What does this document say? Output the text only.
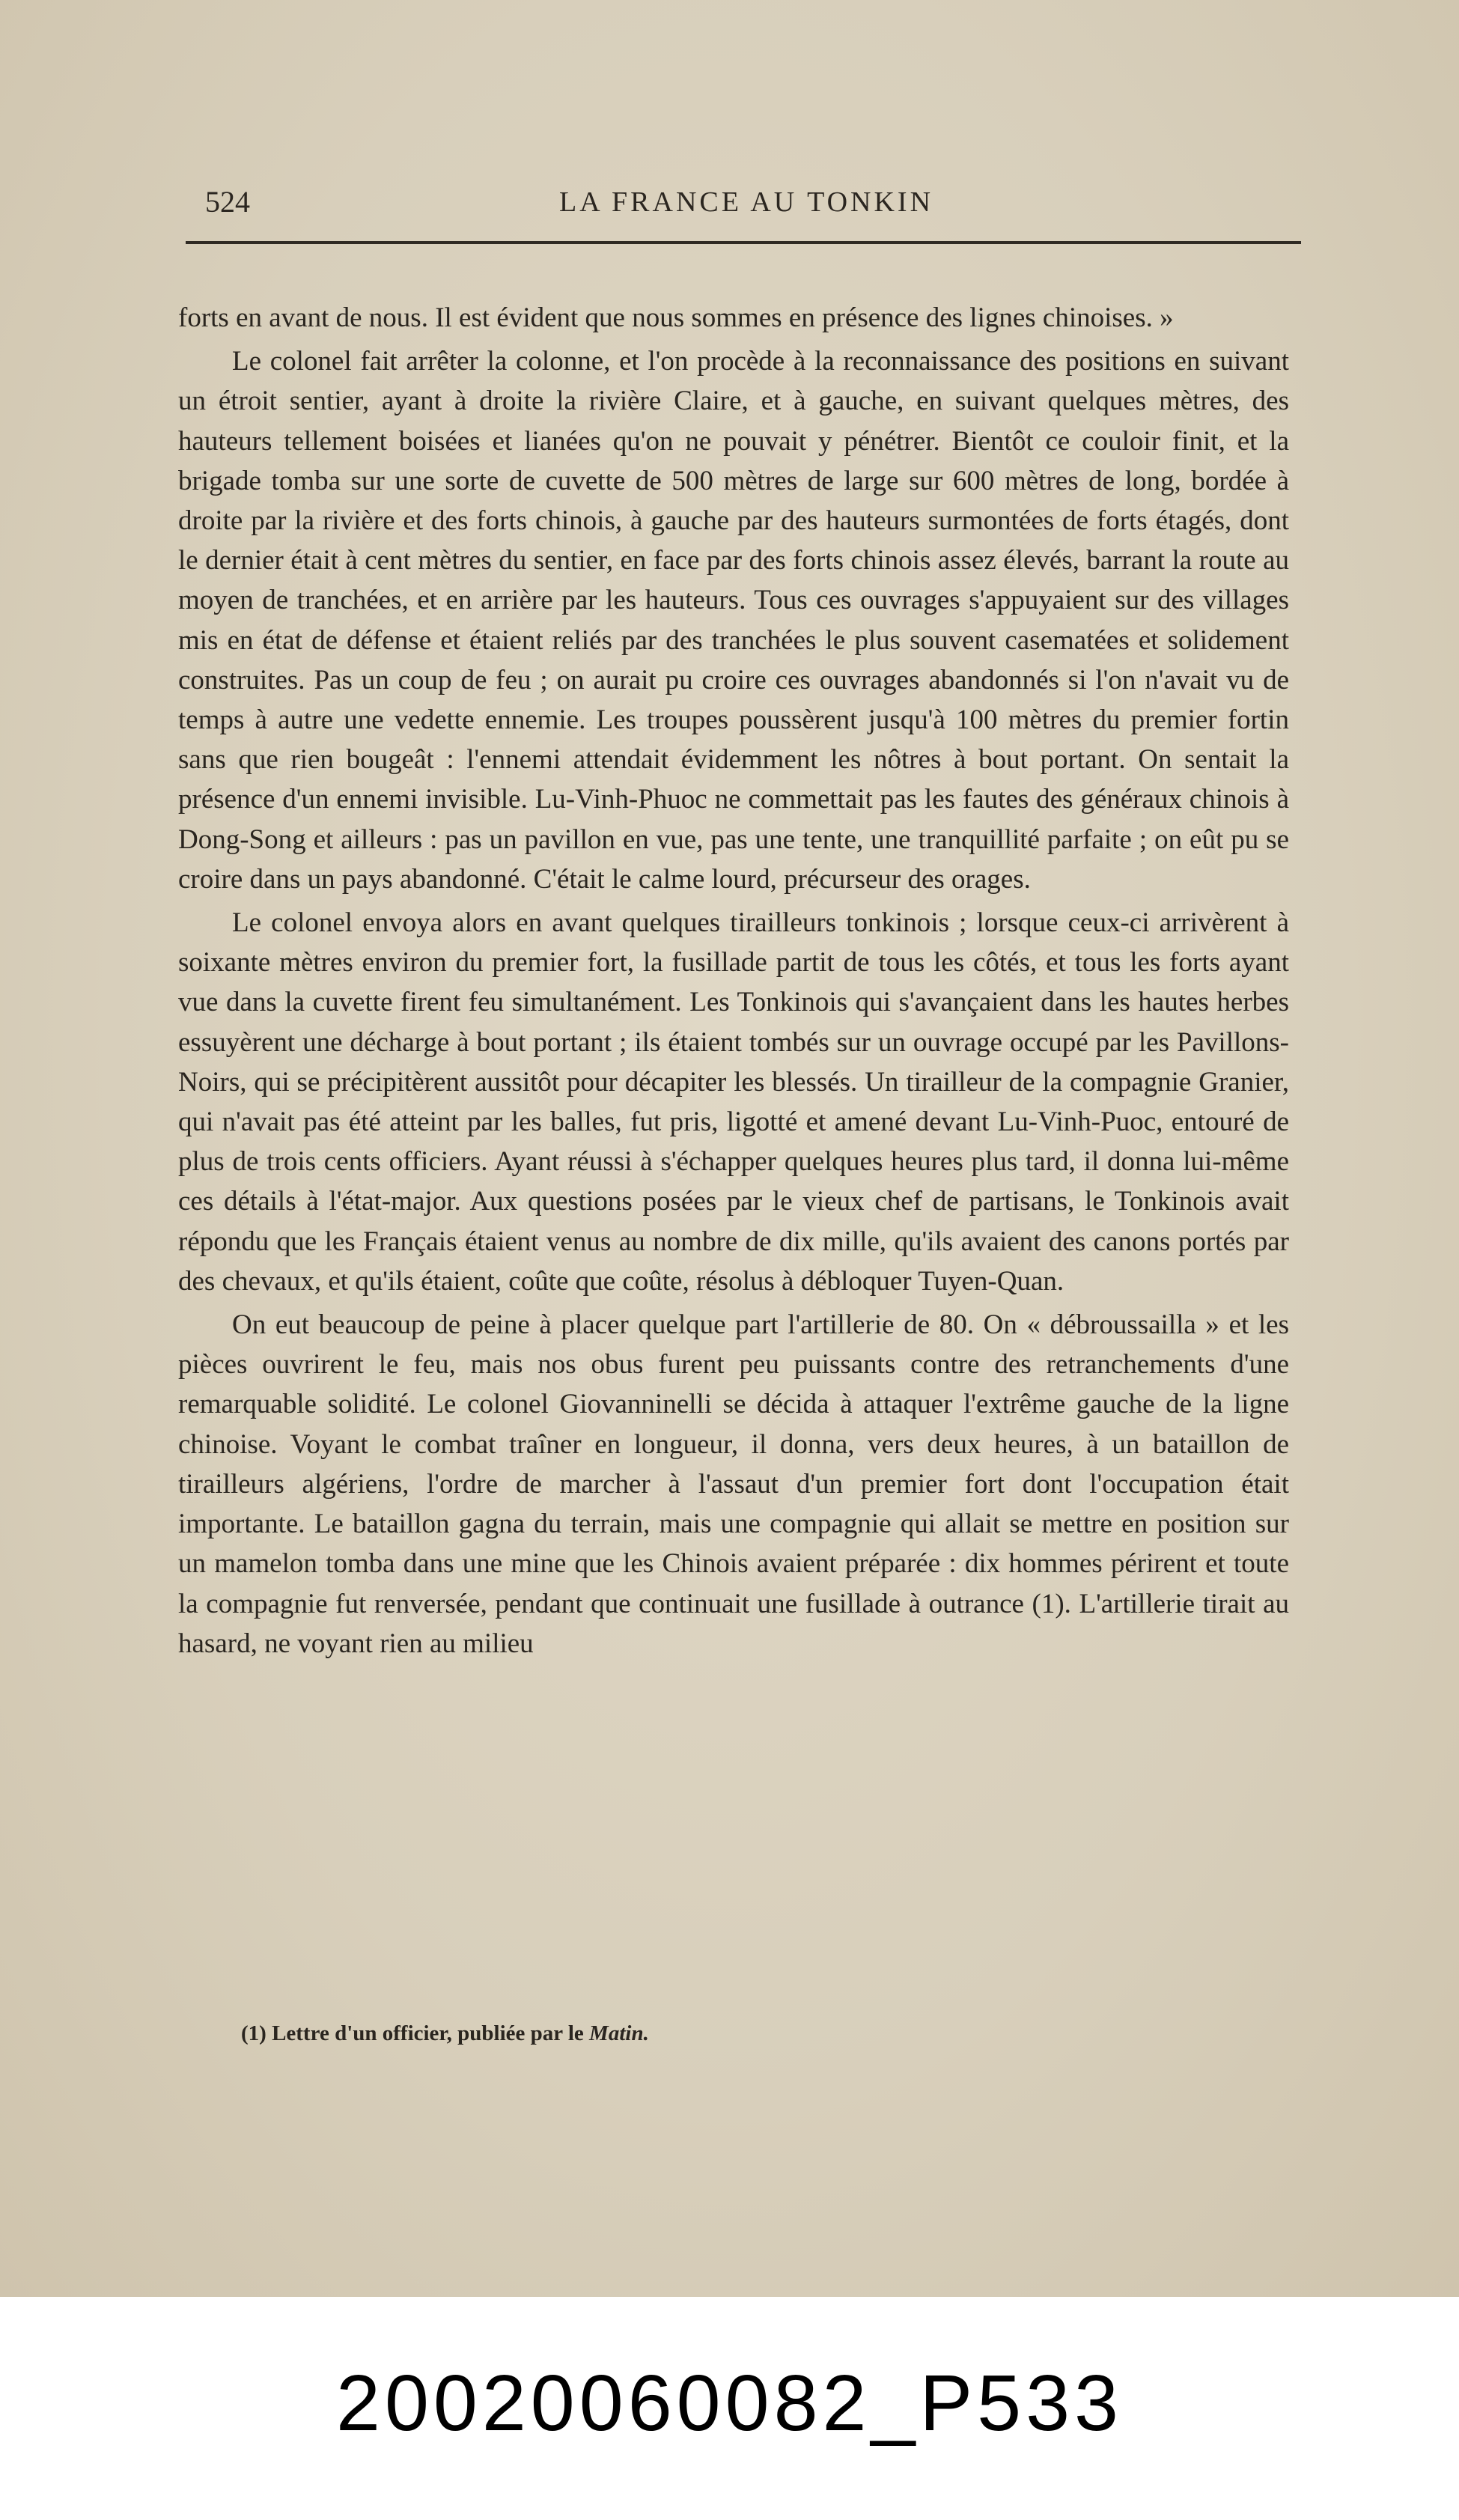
524	LA FRANCE AU TONKIN

forts en avant de nous. Il est évident que nous sommes en présence des lignes chinoises. »

Le colonel fait arrêter la colonne, et l'on procède à la reconnaissance des positions en suivant un étroit sentier, ayant à droite la rivière Claire, et à gauche, en suivant quelques mètres, des hauteurs tellement boisées et lianées qu'on ne pouvait y pénétrer. Bientôt ce couloir finit, et la brigade tomba sur une sorte de cuvette de 500 mètres de large sur 600 mètres de long, bordée à droite par la rivière et des forts chinois, à gauche par des hauteurs surmontées de forts étagés, dont le dernier était à cent mètres du sentier, en face par des forts chinois assez élevés, barrant la route au moyen de tranchées, et en arrière par les hauteurs. Tous ces ouvrages s'appuyaient sur des villages mis en état de défense et étaient reliés par des tranchées le plus souvent casematées et solidement construites. Pas un coup de feu ; on aurait pu croire ces ouvrages abandonnés si l'on n'avait vu de temps à autre une vedette ennemie. Les troupes poussèrent jusqu'à 100 mètres du premier fortin sans que rien bougeât : l'ennemi attendait évidemment les nôtres à bout portant. On sentait la présence d'un ennemi invisible. Lu-Vinh-Phuoc ne commettait pas les fautes des généraux chinois à Dong-Song et ailleurs : pas un pavillon en vue, pas une tente, une tranquillité parfaite ; on eût pu se croire dans un pays abandonné. C'était le calme lourd, précurseur des orages.

Le colonel envoya alors en avant quelques tirailleurs tonkinois ; lorsque ceux-ci arrivèrent à soixante mètres environ du premier fort, la fusillade partit de tous les côtés, et tous les forts ayant vue dans la cuvette firent feu simultanément. Les Tonkinois qui s'avançaient dans les hautes herbes essuyèrent une décharge à bout portant ; ils étaient tombés sur un ouvrage occupé par les Pavillons-Noirs, qui se précipitèrent aussitôt pour décapiter les blessés. Un tirailleur de la compagnie Granier, qui n'avait pas été atteint par les balles, fut pris, ligotté et amené devant Lu-Vinh-Puoc, entouré de plus de trois cents officiers. Ayant réussi à s'échapper quelques heures plus tard, il donna lui-même ces détails à l'état-major. Aux questions posées par le vieux chef de partisans, le Tonkinois avait répondu que les Français étaient venus au nombre de dix mille, qu'ils avaient des canons portés par des chevaux, et qu'ils étaient, coûte que coûte, résolus à débloquer Tuyen-Quan.

On eut beaucoup de peine à placer quelque part l'artillerie de 80. On « débroussailla » et les pièces ouvrirent le feu, mais nos obus furent peu puissants contre des retranchements d'une remarquable solidité. Le colonel Giovanninelli se décida à attaquer l'extrême gauche de la ligne chinoise. Voyant le combat traîner en longueur, il donna, vers deux heures, à un bataillon de tirailleurs algériens, l'ordre de marcher à l'assaut d'un premier fort dont l'occupation était importante. Le bataillon gagna du terrain, mais une compagnie qui allait se mettre en position sur un mamelon tomba dans une mine que les Chinois avaient préparée : dix hommes périrent et toute la compagnie fut renversée, pendant que continuait une fusillade à outrance (1). L'artillerie tirait au hasard, ne voyant rien au milieu

(1) Lettre d'un officier, publiée par le Matin.
20020060082_P533
